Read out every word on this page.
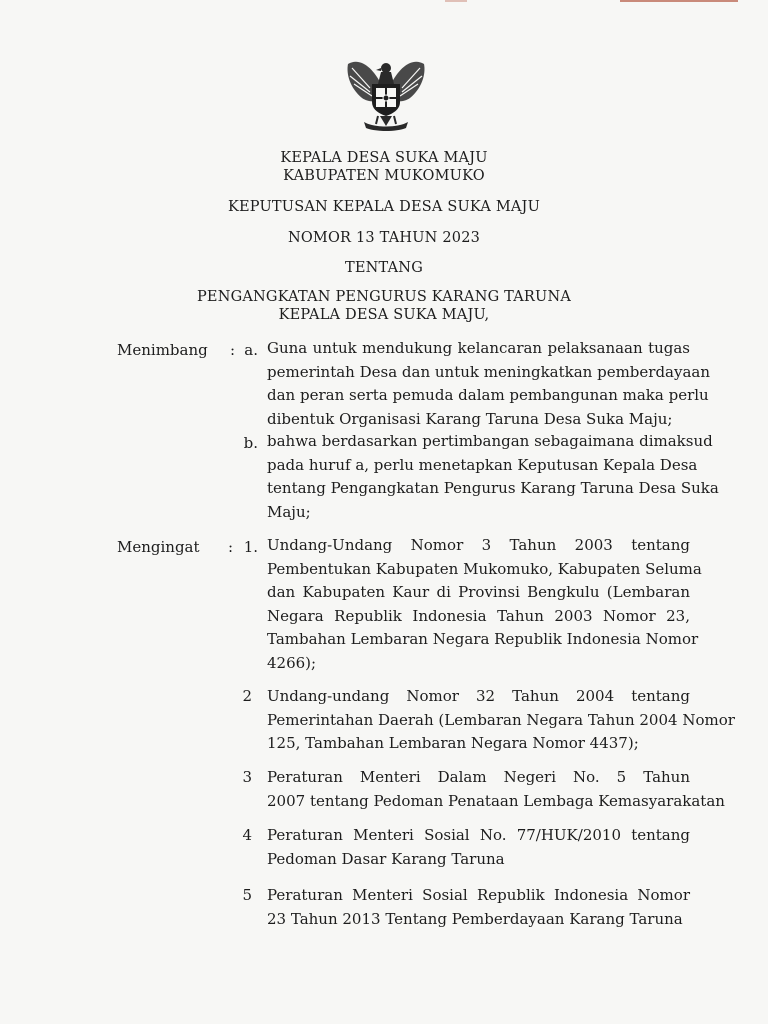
KEPALA DESA SUKA MAJU
KABUPATEN MUKOMUKO
KEPUTUSAN KEPALA DESA SUKA MAJU
NOMOR 13 TAHUN 2023
TENTANG
PENGANGKATAN PENGURUS KARANG TARUNA
KEPALA DESA SUKA MAJU,
Menimbang : a. Guna untuk mendukung kelancaran pelaksanaan tugas
pemerintah Desa dan untuk meningkatkan pemberdayaan
dan peran serta pemuda dalam pembangunan maka perlu
dibentuk Organisasi Karang Taruna Desa Suka Maju;
b. bahwa berdasarkan pertimbangan sebagaimana dimaksud
pada huruf a, perlu menetapkan Keputusan Kepala Desa
tentang Pengangkatan Pengurus Karang Taruna Desa Suka
Maju;
Mengingat : 1. Undang-Undang Nomor 3 Tahun 2003 tentang
Pembentukan Kabupaten Mukomuko, Kabupaten Seluma
dan Kabupaten Kaur di Provinsi Bengkulu (Lembaran
Negara Republik Indonesia Tahun 2003 Nomor 23,
Tambahan Lembaran Negara Republik Indonesia Nomor
4266);
2 Undang-undang Nomor 32 Tahun 2004 tentang
Pemerintahan Daerah (Lembaran Negara Tahun 2004 Nomor
125, Tambahan Lembaran Negara Nomor 4437);
3 Peraturan Menteri Dalam Negeri No. 5 Tahun
2007 tentang Pedoman Penataan Lembaga Kemasyarakatan
4 Peraturan Menteri Sosial No. 77/HUK/2010 tentang
Pedoman Dasar Karang Taruna
5 Peraturan Menteri Sosial Republik Indonesia Nomor
23 Tahun 2013 Tentang Pemberdayaan Karang Taruna
